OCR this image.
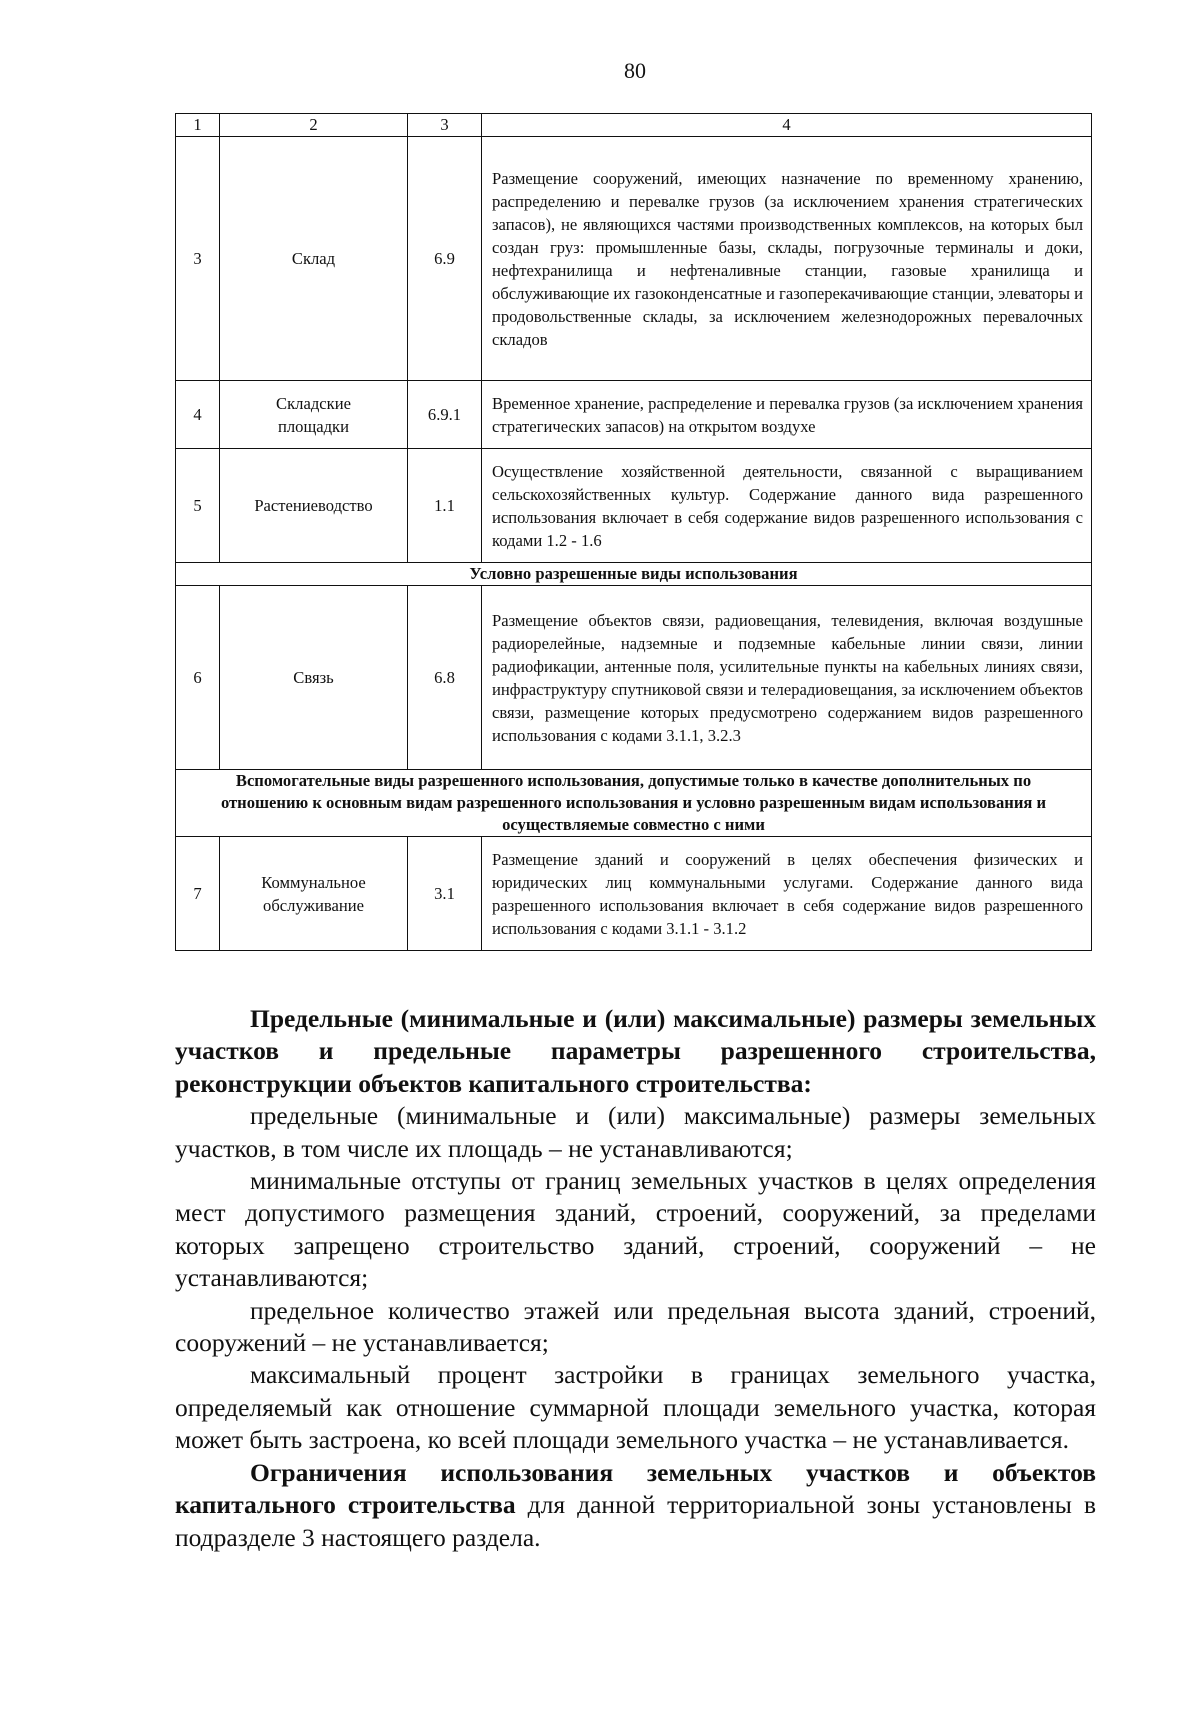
80
1	2	3	4
3	Склад	6.9	Размещение сооружений, имеющих назначение по временному хранению, распределению и перевалке грузов (за исключением хранения стратегических запасов), не являющихся частями производственных комплексов, на которых был создан груз: промышленные базы, склады, погрузочные терминалы и доки, нефтехранилища и нефтеналивные станции, газовые хранилища и обслуживающие их газоконденсатные и газоперекачивающие станции, элеваторы и продовольственные склады, за исключением железнодорожных перевалочных складов
4	Складские площадки	6.9.1	Временное хранение, распределение и перевалка грузов (за исключением хранения стратегических запасов) на открытом воздухе
5	Растениеводство	1.1	Осуществление хозяйственной деятельности, связанной с выращиванием сельскохозяйственных культур. Содержание данного вида разрешенного использования включает в себя содержание видов разрешенного использования с кодами 1.2 - 1.6
Условно разрешенные виды использования			
6	Связь	6.8	Размещение объектов связи, радиовещания, телевидения, включая воздушные радиорелейные, надземные и подземные кабельные линии связи, линии радиофикации, антенные поля, усилительные пункты на кабельных линиях связи, инфраструктуру спутниковой связи и телерадиовещания, за исключением объектов связи, размещение которых предусмотрено содержанием видов разрешенного использования с кодами 3.1.1, 3.2.3
Вспомогательные виды разрешенного использования, допустимые только в качестве дополнительных по отношению к основным видам разрешенного использования и условно разрешенным видам использования и осуществляемые совместно с ними			
7	Коммунальное обслуживание	3.1	Размещение зданий и сооружений в целях обеспечения физических и юридических лиц коммунальными услугами. Содержание данного вида разрешенного использования включает в себя содержание видов разрешенного использования с кодами 3.1.1 - 3.1.2

Предельные (минимальные и (или) максимальные) размеры земельных участков и предельные параметры разрешенного строительства, реконструкции объектов капитального строительства:

предельные (минимальные и (или) максимальные) размеры земельных участков, в том числе их площадь – не устанавливаются;

минимальные отступы от границ земельных участков в целях определения мест допустимого размещения зданий, строений, сооружений, за пределами которых запрещено строительство зданий, строений, сооружений – не устанавливаются;

предельное количество этажей или предельная высота зданий, строений, сооружений – не устанавливается;

максимальный процент застройки в границах земельного участка, определяемый как отношение суммарной площади земельного участка, которая может быть застроена, ко всей площади земельного участка – не устанавливается.

Ограничения использования земельных участков и объектов капитального строительства для данной территориальной зоны установлены в подразделе 3 настоящего раздела.
